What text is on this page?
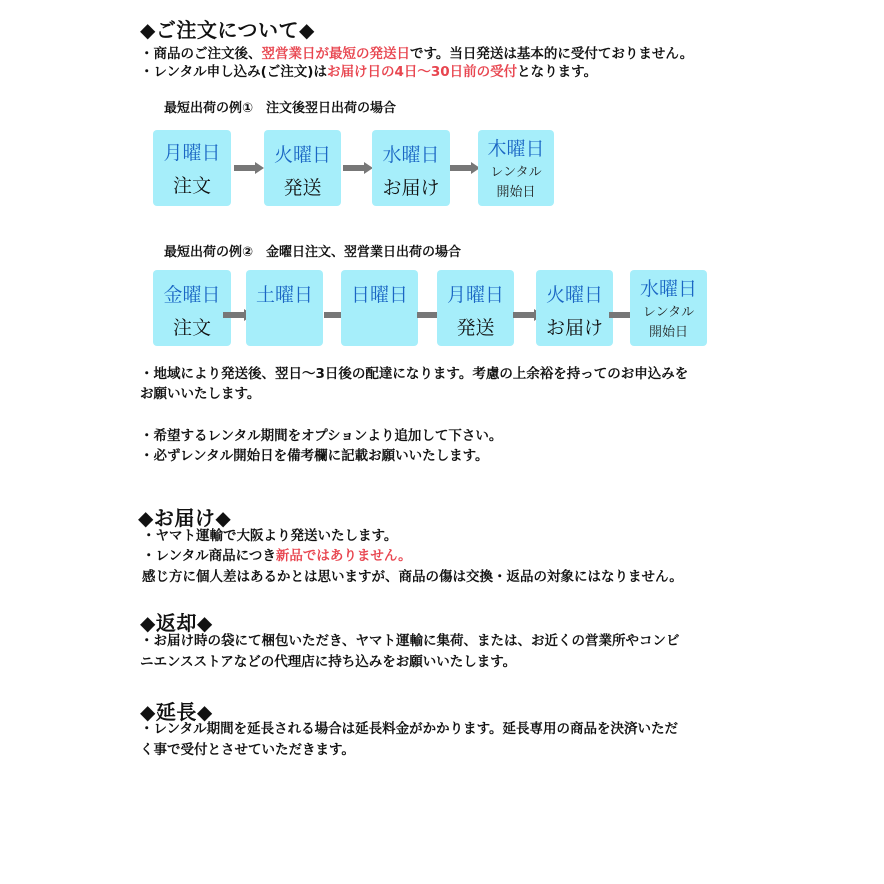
◆ご注文について◆
・商品のご注文後、翌営業日が最短の発送日です。当日発送は基本的に受付ておりません。
・レンタル申し込み(ご注文)はお届け日の4日〜30日前の受付となります。
最短出荷の例①　注文後翌日出荷の場合
月曜日
注文
火曜日
発送
水曜日
お届け
木曜日
レンタル
開始日
最短出荷の例②　金曜日注文、翌営業日出荷の場合
金曜日
注文
土曜日	日曜日	月曜日
発送
火曜日
お届け
水曜日
レンタル
開始日
・地域により発送後、翌日〜3日後の配達になります。考慮の上余裕を持ってのお申込みを
お願いいたします。
・希望するレンタル期間をオプションより追加して下さい。
・必ずレンタル開始日を備考欄に記載お願いいたします。
◆お届け◆
・ヤマト運輸で大阪より発送いたします。
・レンタル商品につき新品ではありません。
感じ方に個人差はあるかとは思いますが、商品の傷は交換・返品の対象にはなりません。
◆返却◆
・お届け時の袋にて梱包いただき、ヤマト運輸に集荷、または、お近くの営業所やコンビ
ニエンスストアなどの代理店に持ち込みをお願いいたします。
◆延長◆
・レンタル期間を延長される場合は延長料金がかかります。延長専用の商品を決済いただ
く事で受付とさせていただきます。
